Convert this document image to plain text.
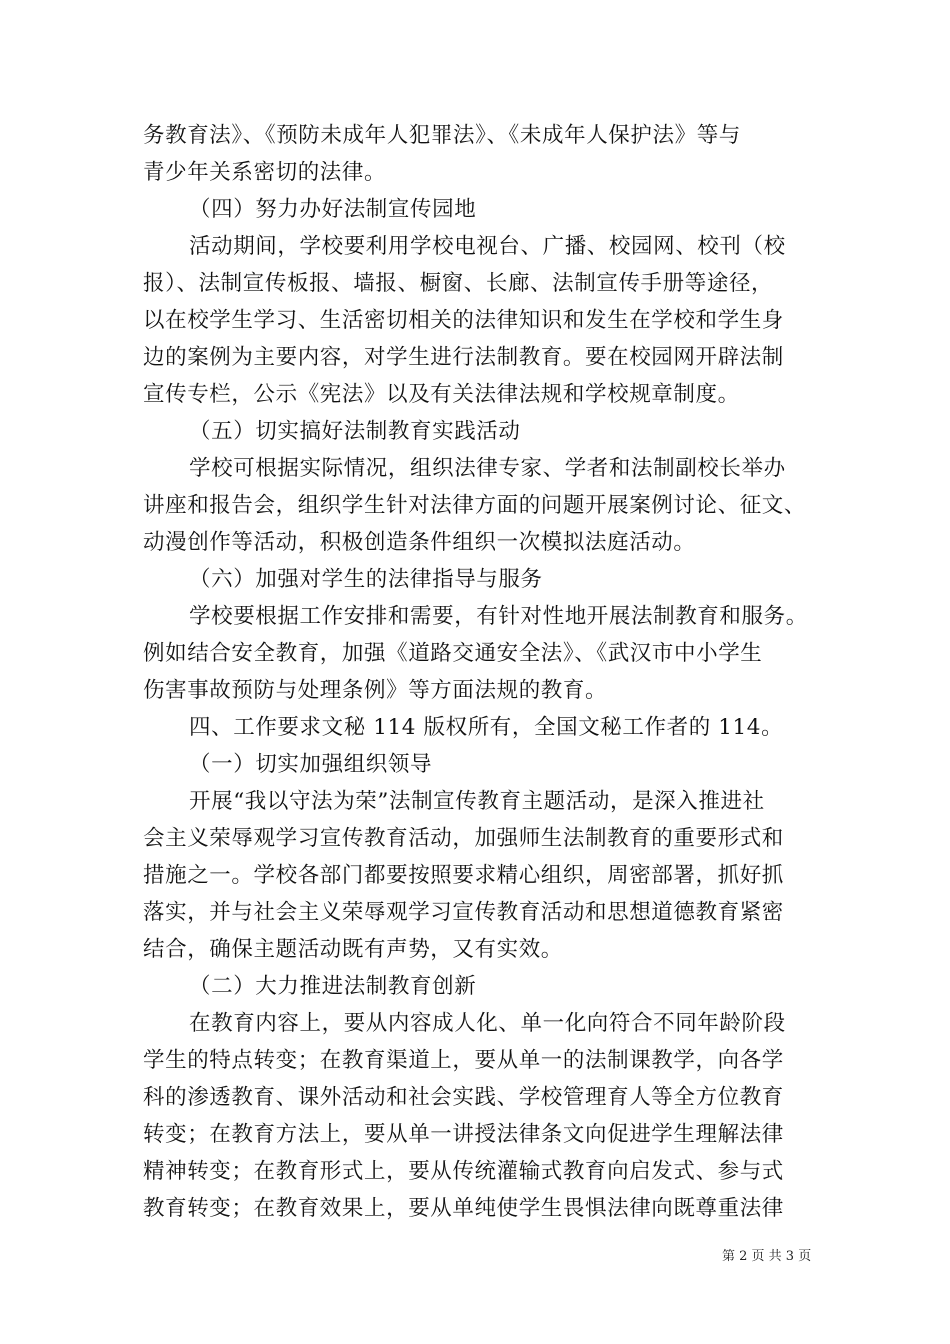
务教育法》、《预防未成年人犯罪法》、《未成年人保护法》等与
青少年关系密切的法律。
（四）努力办好法制宣传园地
活动期间，学校要利用学校电视台、广播、校园网、校刊（校
报）、法制宣传板报、墙报、橱窗、长廊、法制宣传手册等途径，
以在校学生学习、生活密切相关的法律知识和发生在学校和学生身
边的案例为主要内容，对学生进行法制教育。要在校园网开辟法制
宣传专栏，公示《宪法》以及有关法律法规和学校规章制度。
（五）切实搞好法制教育实践活动
学校可根据实际情况，组织法律专家、学者和法制副校长举办
讲座和报告会，组织学生针对法律方面的问题开展案例讨论、征文、
动漫创作等活动，积极创造条件组织一次模拟法庭活动。
（六）加强对学生的法律指导与服务
学校要根据工作安排和需要，有针对性地开展法制教育和服务。
例如结合安全教育，加强《道路交通安全法》、《武汉市中小学生
伤害事故预防与处理条例》等方面法规的教育。
四、工作要求文秘 114 版权所有，全国文秘工作者的 114。
（一）切实加强组织领导
开展“我以守法为荣”法制宣传教育主题活动，是深入推进社
会主义荣辱观学习宣传教育活动，加强师生法制教育的重要形式和
措施之一。学校各部门都要按照要求精心组织，周密部署，抓好抓
落实，并与社会主义荣辱观学习宣传教育活动和思想道德教育紧密
结合，确保主题活动既有声势，又有实效。
（二）大力推进法制教育创新
在教育内容上，要从内容成人化、单一化向符合不同年龄阶段
学生的特点转变；在教育渠道上，要从单一的法制课教学，向各学
科的渗透教育、课外活动和社会实践、学校管理育人等全方位教育
转变；在教育方法上，要从单一讲授法律条文向促进学生理解法律
精神转变；在教育形式上，要从传统灌输式教育向启发式、参与式
教育转变；在教育效果上，要从单纯使学生畏惧法律向既尊重法律
第 2 页 共 3 页
